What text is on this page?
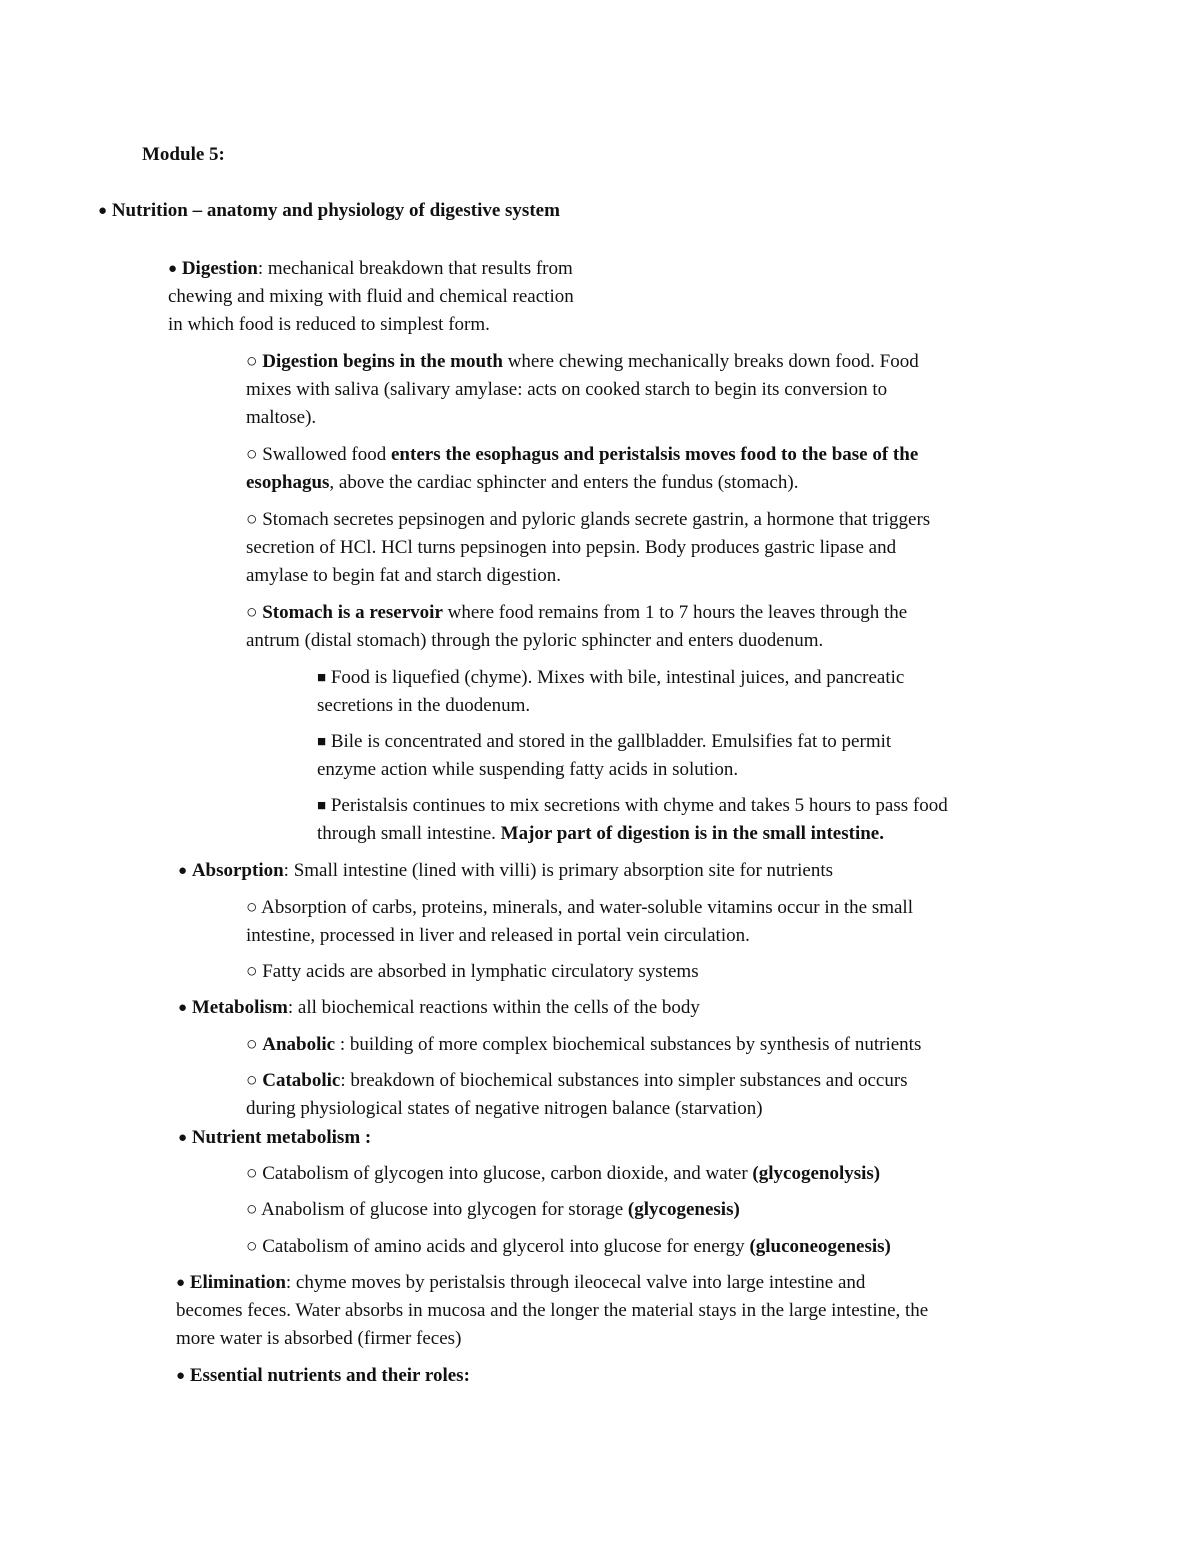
Module 5:
● Nutrition – anatomy and physiology of digestive system
● Digestion: mechanical breakdown that results from
chewing and mixing with fluid and chemical reaction
in which food is reduced to simplest form.
○ Digestion begins in the mouth where chewing mechanically breaks down food. Food
mixes with saliva (salivary amylase: acts on cooked starch to begin its conversion to
maltose).
○ Swallowed food enters the esophagus and peristalsis moves food to the base of the
esophagus, above the cardiac sphincter and enters the fundus (stomach).
○ Stomach secretes pepsinogen and pyloric glands secrete gastrin, a hormone that triggers
secretion of HCl. HCl turns pepsinogen into pepsin. Body produces gastric lipase and
amylase to begin fat and starch digestion.
○ Stomach is a reservoir where food remains from 1 to 7 hours the leaves through the
antrum (distal stomach) through the pyloric sphincter and enters duodenum.
■ Food is liquefied (chyme). Mixes with bile, intestinal juices, and pancreatic
secretions in the duodenum.
■ Bile is concentrated and stored in the gallbladder. Emulsifies fat to permit
enzyme action while suspending fatty acids in solution.
■ Peristalsis continues to mix secretions with chyme and takes 5 hours to pass food
through small intestine. Major part of digestion is in the small intestine.
● Absorption: Small intestine (lined with villi) is primary absorption site for nutrients
○ Absorption of carbs, proteins, minerals, and water-soluble vitamins occur in the small
intestine, processed in liver and released in portal vein circulation.
○ Fatty acids are absorbed in lymphatic circulatory systems
● Metabolism: all biochemical reactions within the cells of the body
○ Anabolic : building of more complex biochemical substances by synthesis of nutrients
○ Catabolic: breakdown of biochemical substances into simpler substances and occurs
during physiological states of negative nitrogen balance (starvation)
● Nutrient metabolism :
○ Catabolism of glycogen into glucose, carbon dioxide, and water (glycogenolysis)
○ Anabolism of glucose into glycogen for storage (glycogenesis)
○ Catabolism of amino acids and glycerol into glucose for energy (gluconeogenesis)
● Elimination: chyme moves by peristalsis through ileocecal valve into large intestine and
becomes feces. Water absorbs in mucosa and the longer the material stays in the large intestine, the
more water is absorbed (firmer feces)
● Essential nutrients and their roles:
